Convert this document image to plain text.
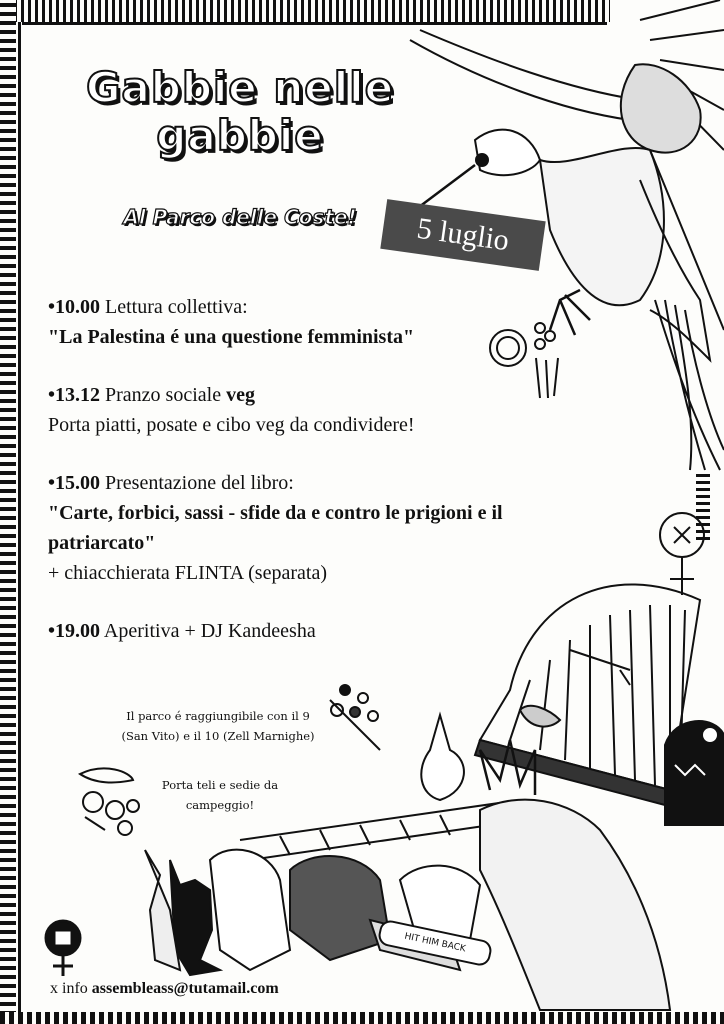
Gabbie nelle gabbie
Al Parco delle Coste!	5 luglio

•10.00 Lettura collettiva:
"La Palestina é una questione femminista"

•13.12 Pranzo sociale veg
Porta piatti, posate e cibo veg da condividere!

•15.00 Presentazione del libro:
"Carte, forbici, sassi - sfide da e contro le prigioni e il patriarcato"
+ chiacchierata FLINTA (separata)

•19.00 Aperitiva + DJ Kandeesha

Il parco é raggiungibile con il 9 (San Vito) e il 10 (Zell Marnighe)
Porta teli e sedie da campeggio!
HIT HIM BACK
x info assembleass@tutamail.com
